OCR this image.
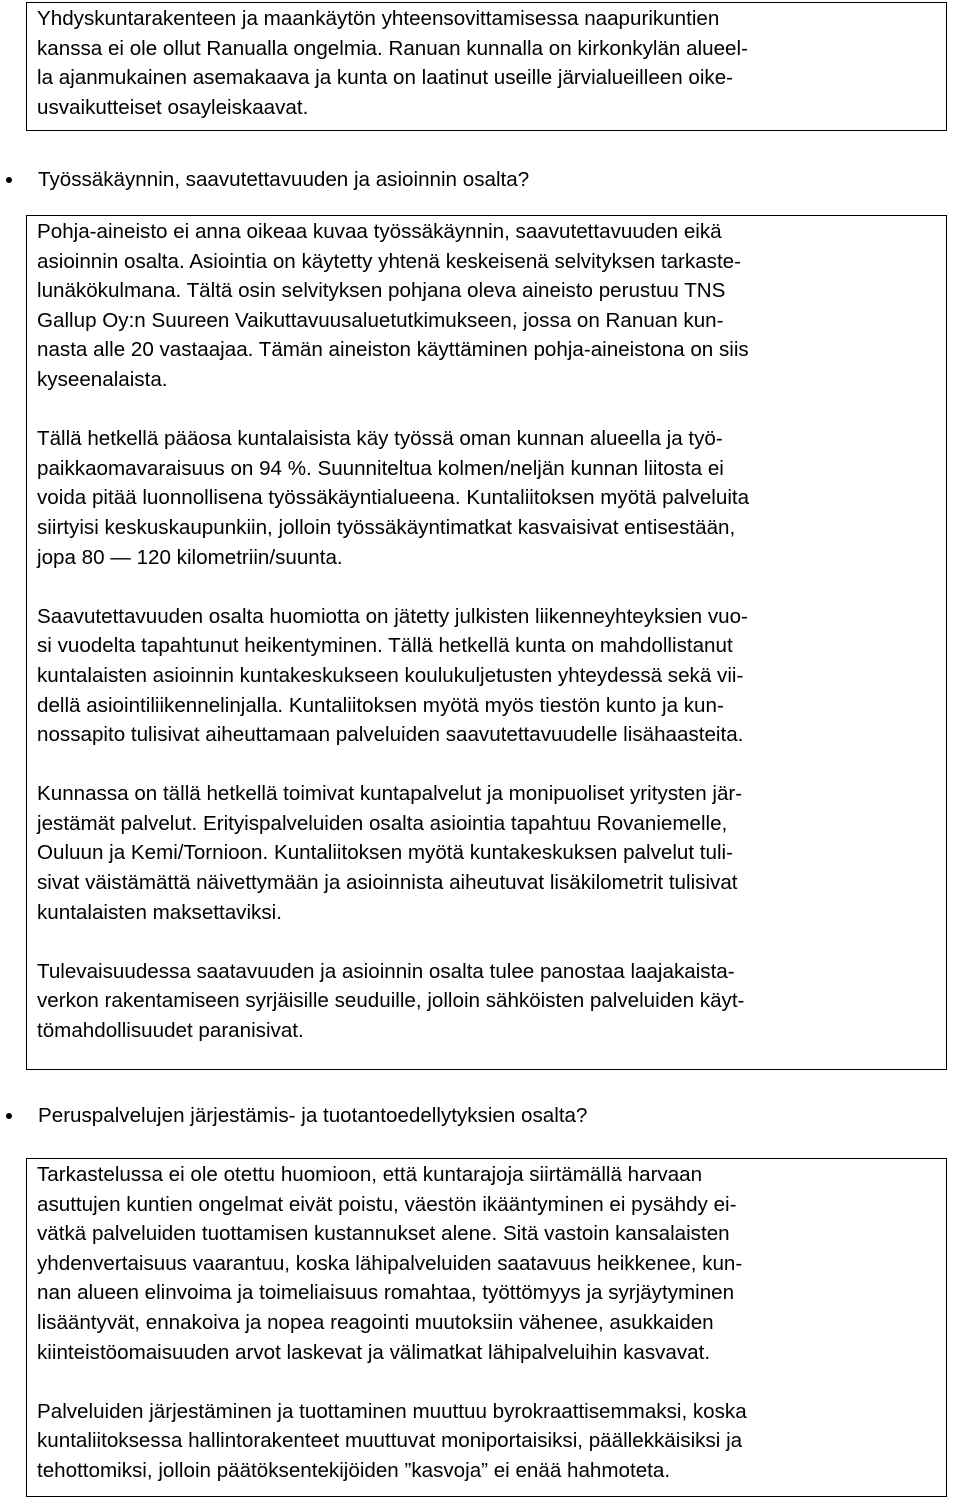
Yhdyskuntarakenteen ja maankäytön yhteensovittamisessa naapurikuntien

kanssa ei ole ollut Ranualla ongelmia. Ranuan kunnalla on kirkonkylän alueel-

la ajanmukainen asemakaava ja kunta on laatinut useille järvialueilleen oike-

usvaikutteiset osayleiskaavat.

Työssäkäynnin, saavutettavuuden ja asioinnin osalta?

Pohja-aineisto ei anna oikeaa kuvaa työssäkäynnin, saavutettavuuden eikä

asioinnin osalta. Asiointia on käytetty yhtenä keskeisenä selvityksen tarkaste-

lunäkökulmana. Tältä osin selvityksen pohjana oleva aineisto perustuu TNS

Gallup Oy:n Suureen Vaikuttavuusaluetutkimukseen, jossa on Ranuan kun-

nasta alle 20 vastaajaa. Tämän aineiston käyttäminen pohja-aineistona on siis

kyseenalaista.

Tällä hetkellä pääosa kuntalaisista käy työssä oman kunnan alueella ja työ-

paikkaomavaraisuus on 94 %. Suunniteltua kolmen/neljän kunnan liitosta ei

voida pitää luonnollisena työssäkäyntialueena. Kuntaliitoksen myötä palveluita

siirtyisi keskuskaupunkiin, jolloin työssäkäyntimatkat kasvaisivat entisestään,

jopa 80 — 120 kilometriin/suunta.

Saavutettavuuden osalta huomiotta on jätetty julkisten liikenneyhteyksien vuo-

si vuodelta tapahtunut heikentyminen. Tällä hetkellä kunta on mahdollistanut

kuntalaisten asioinnin kuntakeskukseen koulukuljetusten yhteydessä sekä vii-

dellä asiointiliikennelinjalla. Kuntaliitoksen myötä myös tiestön kunto ja kun-

nossapito tulisivat aiheuttamaan palveluiden saavutettavuudelle lisähaasteita.

Kunnassa on tällä hetkellä toimivat kuntapalvelut ja monipuoliset yritysten jär-

jestämät palvelut. Erityispalveluiden osalta asiointia tapahtuu Rovaniemelle,

Ouluun ja Kemi/Tornioon. Kuntaliitoksen myötä kuntakeskuksen palvelut tuli-

sivat väistämättä näivettymään ja asioinnista aiheutuvat lisäkilometrit tulisivat

kuntalaisten maksettaviksi.

Tulevaisuudessa saatavuuden ja asioinnin osalta tulee panostaa laajakaista-

verkon rakentamiseen syrjäisille seuduille, jolloin sähköisten palveluiden käyt-

tömahdollisuudet paranisivat.

Peruspalvelujen järjestämis- ja tuotantoedellytyksien osalta?

Tarkastelussa ei ole otettu huomioon, että kuntarajoja siirtämällä harvaan

asuttujen kuntien ongelmat eivät poistu, väestön ikääntyminen ei pysähdy ei-

vätkä palveluiden tuottamisen kustannukset alene. Sitä vastoin kansalaisten

yhdenvertaisuus vaarantuu, koska lähipalveluiden saatavuus heikkenee, kun-

nan alueen elinvoima ja toimeliaisuus romahtaa, työttömyys ja syrjäytyminen

lisääntyvät, ennakoiva ja nopea reagointi muutoksiin vähenee, asukkaiden

kiinteistöomaisuuden arvot laskevat ja välimatkat lähipalveluihin kasvavat.

Palveluiden järjestäminen ja tuottaminen muuttuu byrokraattisemmaksi, koska

kuntaliitoksessa hallintorakenteet muuttuvat moniportaisiksi, päällekkäisiksi ja

tehottomiksi, jolloin päätöksentekijöiden ”kasvoja” ei enää hahmoteta.
